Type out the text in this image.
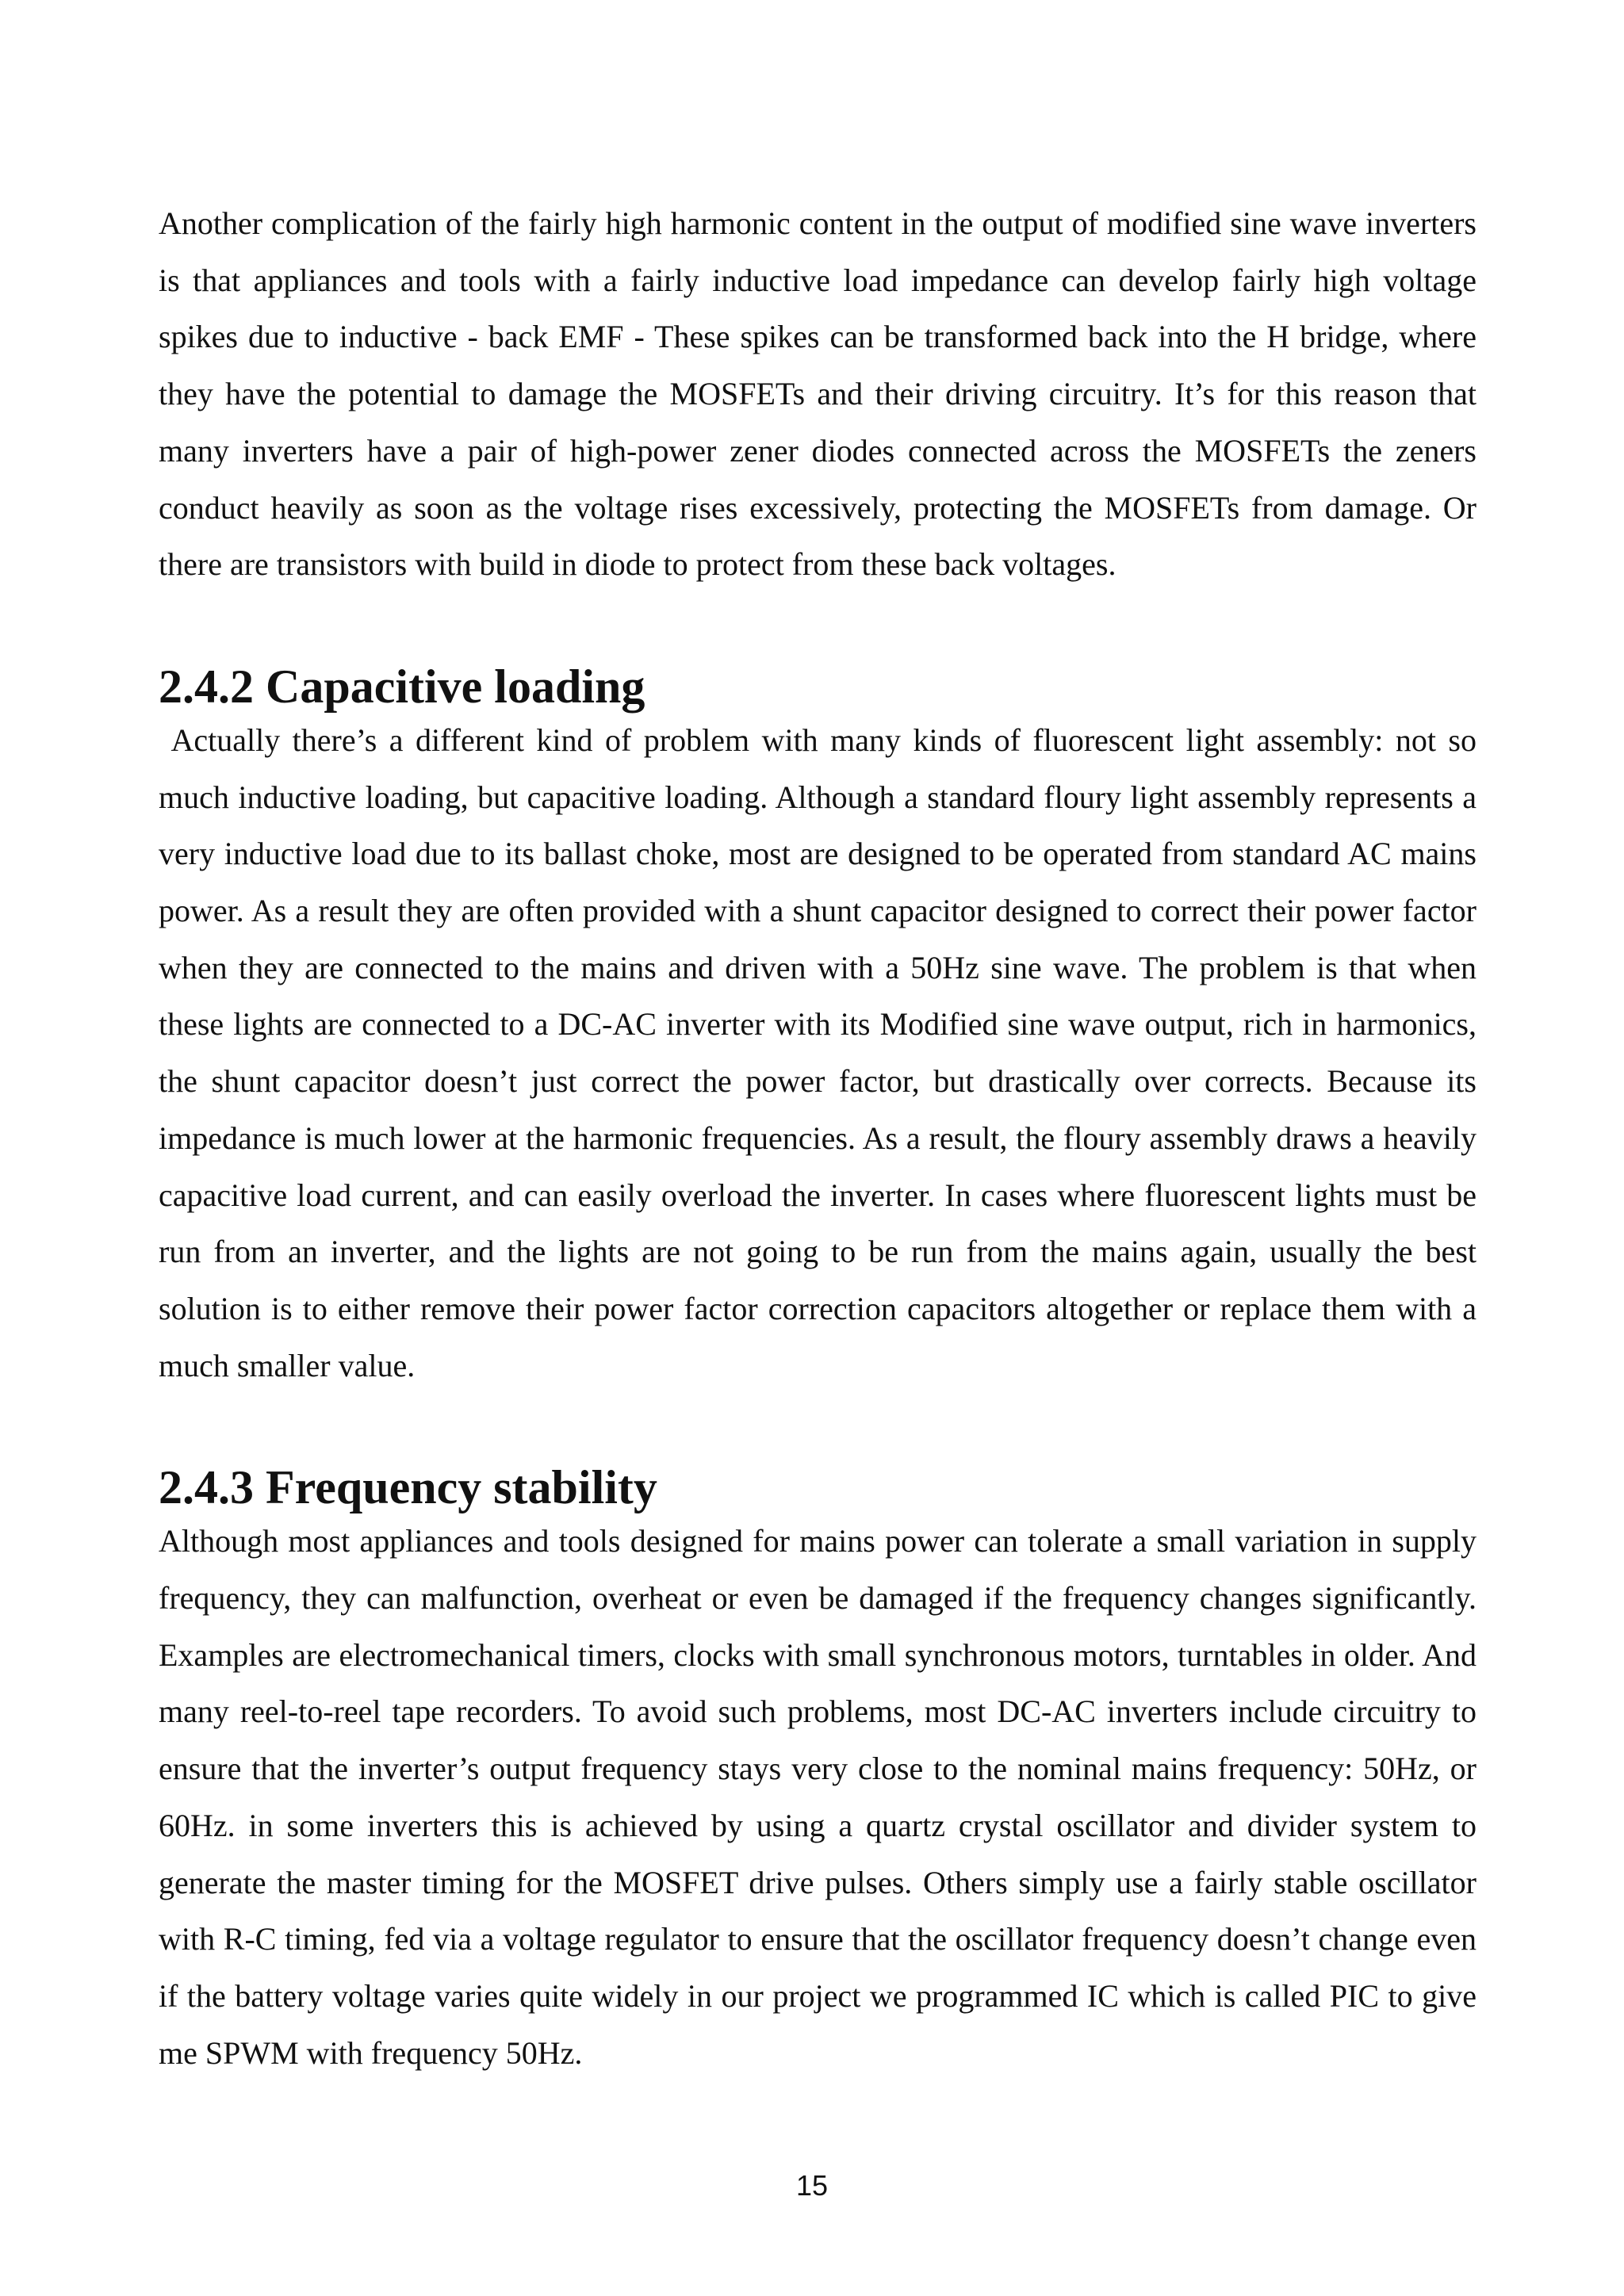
Another complication of the fairly high harmonic content in the output of modified sine wave inverters is that appliances and tools with a fairly inductive load impedance can develop fairly high voltage spikes due to inductive - back EMF - These spikes can be transformed back into the H bridge, where they have the potential to damage the MOSFETs and their driving circuitry. It’s for this reason that many inverters have a pair of high-power zener diodes connected across the MOSFETs the zeners conduct heavily as soon as the voltage rises excessively, protecting the MOSFETs from damage. Or there are transistors with build in diode to protect from these back voltages.

2.4.2 Capacitive loading

Actually there’s a different kind of problem with many kinds of fluorescent light assembly: not so much inductive loading, but capacitive loading. Although a standard floury light assembly represents a very inductive load due to its ballast choke, most are designed to be operated from standard AC mains power. As a result they are often provided with a shunt capacitor designed to correct their power factor when they are connected to the mains and driven with a 50Hz sine wave. The problem is that when these lights are connected to a DC-AC inverter with its Modified sine wave output, rich in harmonics, the shunt capacitor doesn’t just correct the power factor, but drastically over corrects. Because its impedance is much lower at the harmonic frequencies. As a result, the floury assembly draws a heavily capacitive load current, and can easily overload the inverter. In cases where fluorescent lights must be run from an inverter, and the lights are not going to be run from the mains again, usually the best solution is to either remove their power factor correction capacitors altogether or replace them with a much smaller value.

2.4.3 Frequency stability

Although most appliances and tools designed for mains power can tolerate a small variation in supply frequency, they can malfunction, overheat or even be damaged if the frequency changes significantly. Examples are electromechanical timers, clocks with small synchronous motors, turntables in older. And many reel-to-reel tape recorders. To avoid such problems, most DC-AC inverters include circuitry to ensure that the inverter’s output frequency stays very close to the nominal mains frequency: 50Hz, or 60Hz. in some inverters this is achieved by using a quartz crystal oscillator and divider system to generate the master timing for the MOSFET drive pulses. Others simply use a fairly stable oscillator with R-C timing, fed via a voltage regulator to ensure that the oscillator frequency doesn’t change even if the battery voltage varies quite widely in our project we programmed IC which is called PIC to give me SPWM with frequency 50Hz.

15
